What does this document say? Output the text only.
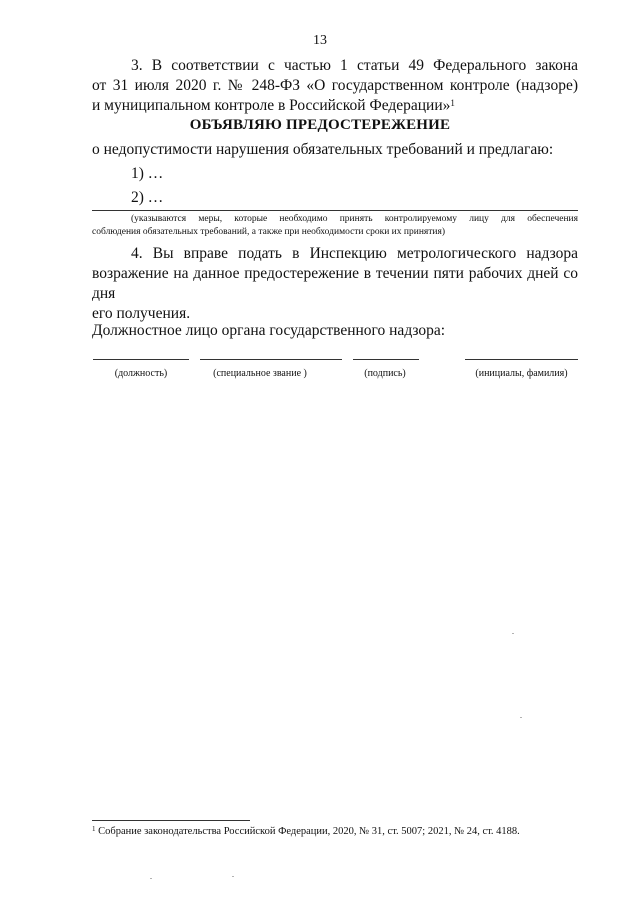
13
3. В соответствии с частью 1 статьи 49 Федерального закона
от 31 июля 2020 г. № 248-ФЗ «О государственном контроле (надзоре)
и муниципальном контроле в Российской Федерации»$^1$
ОБЪЯВЛЯЮ ПРЕДОСТЕРЕЖЕНИЕ
о недопустимости нарушения обязательных требований и предлагаю:
1) …
2) …
(указываются меры, которые необходимо принять контролируемому лицу для обеспечения
соблюдения обязательных требований, а также при необходимости сроки их принятия)
4. Вы вправе подать в Инспекцию метрологического надзора
возражение на данное предостережение в течении пяти рабочих дней со дня
его получения.
Должностное лицо органа государственного надзора:
(должность)	(специальное звание )	(подпись)	(инициалы, фамилия)
$^1$ Собрание законодательства Российской Федерации, 2020, № 31, ст. 5007; 2021, № 24, ст. 4188.
